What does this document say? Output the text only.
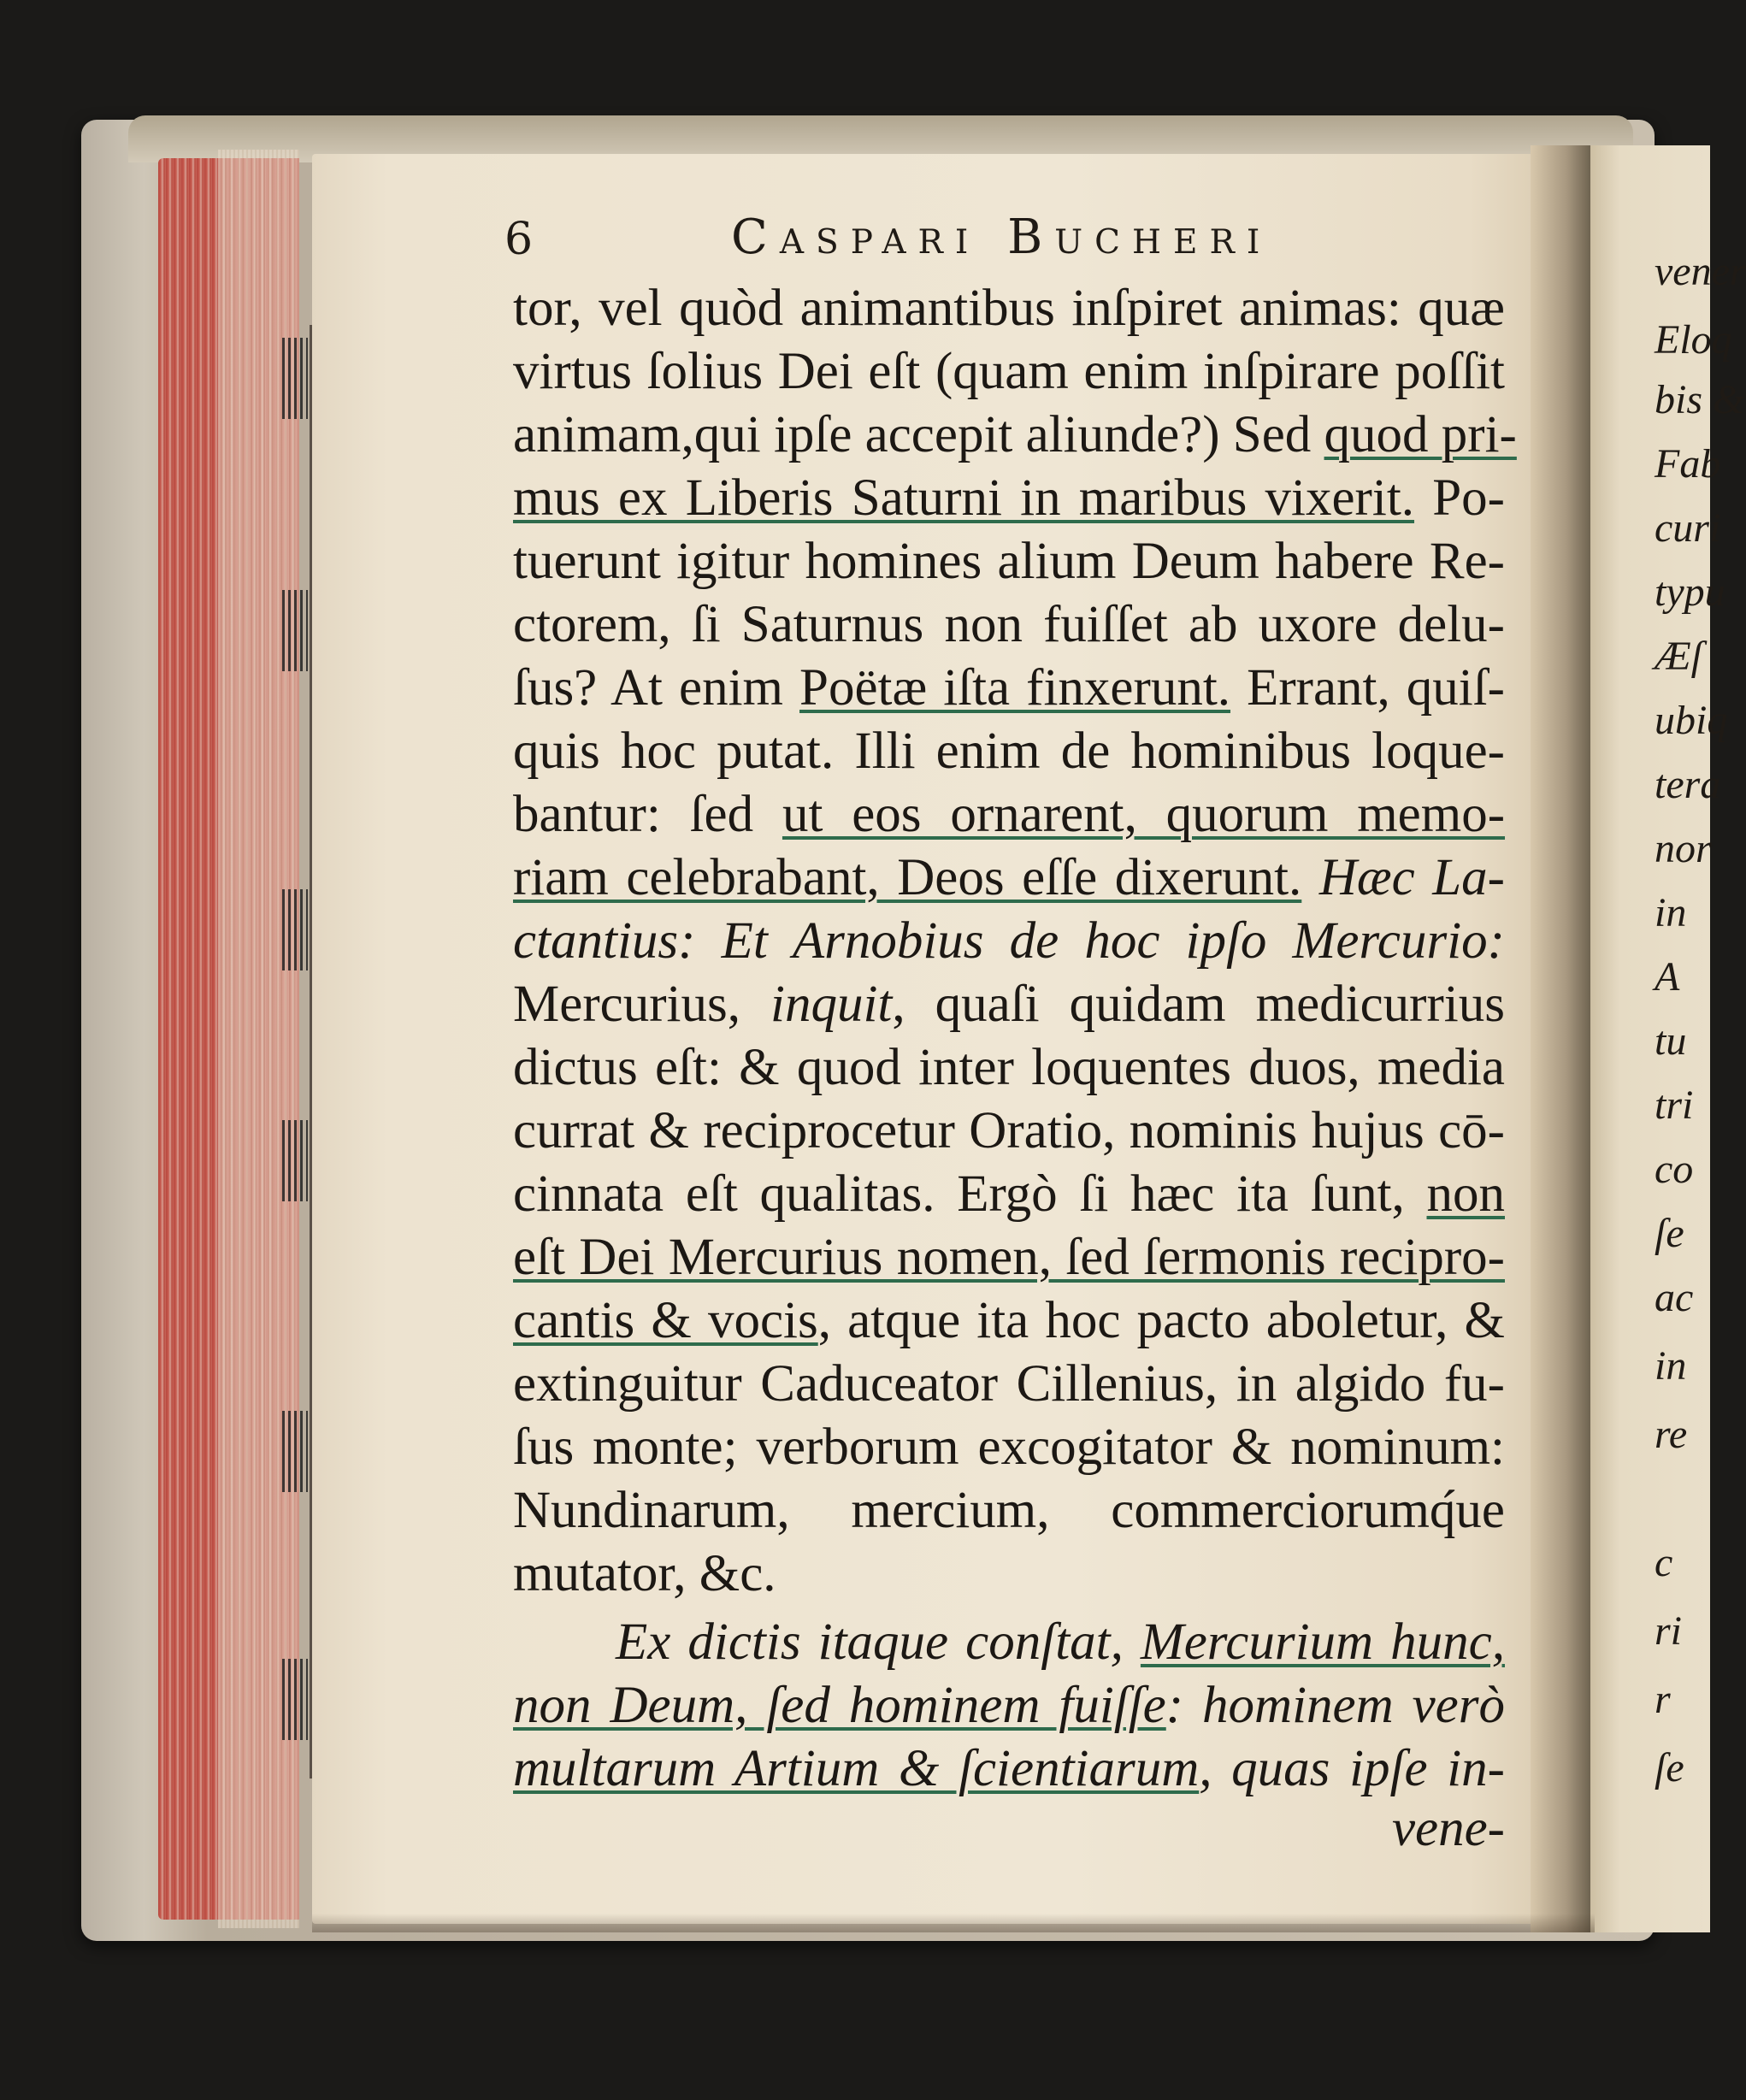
6	Caspari Bucheri
tor, vel quòd animantibus inſpiret animas: quæ
virtus ſolius Dei eſt (quam enim inſpirare poſſit
animam,qui ipſe accepit aliunde?) Sed quod pri-
mus ex Liberis Saturni in maribus vixerit. Po-
tuerunt igitur homines alium Deum habere Re-
ctorem, ſi Saturnus non fuiſſet ab uxore delu-
ſus? At enim Poëtæ iſta finxerunt. Errant, quiſ-
quis hoc putat. Illi enim de hominibus loque-
bantur: ſed ut eos ornarent, quorum memo-
riam celebrabant, Deos eſſe dixerunt. Hæc La-
ctantius: Et Arnobius de hoc ipſo Mercurio:
Mercurius, inquit, quaſi quidam medicurrius
dictus eſt: & quod inter loquentes duos, media
currat & reciprocetur Oratio, nominis hujus cō-
cinnata eſt qualitas. Ergò ſi hæc ita ſunt, non
eſt Dei Mercurius nomen, ſed ſermonis recipro-
cantis & vocis, atque ita hoc pacto aboletur, &
extinguitur Caduceator Cillenius, in algido fu-
ſus monte; verborum excogitator & nominum:
Nundinarum, mercium, commerciorumq́ue
mutator, &c.
Ex dictis itaque conſtat, Mercurium hunc,
non Deum, ſed hominem fuiſſe: hominem verò
multarum Artium & ſcientiarum, quas ipſe in-
vene-
vener
Eloq
bis &
Fab
curi
typu
Æſ
ubiq
tera
nor
in
A
tu
tri
co
ſe
ac
in
re
c
ri
r
ſe
